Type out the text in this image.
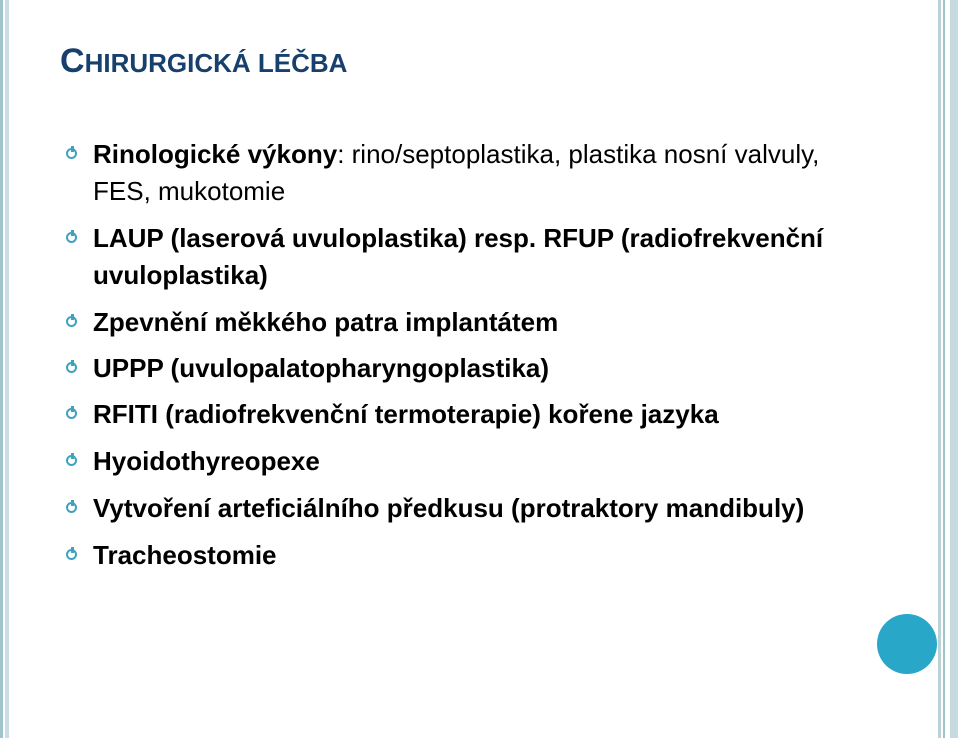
CHIRURGICKÁ LÉČBA
Rinologické výkony: rino/septoplastika, plastika nosní valvuly, FES, mukotomie
LAUP (laserová uvuloplastika) resp. RFUP (radiofrekvenční uvuloplastika)
Zpevnění měkkého patra implantátem
UPPP (uvulopalatopharyngoplastika)
RFITI (radiofrekvenční termoterapie) kořene jazyka
Hyoidothyreopexe
Vytvoření arteficiálního předkusu (protraktory mandibuly)
Tracheostomie
